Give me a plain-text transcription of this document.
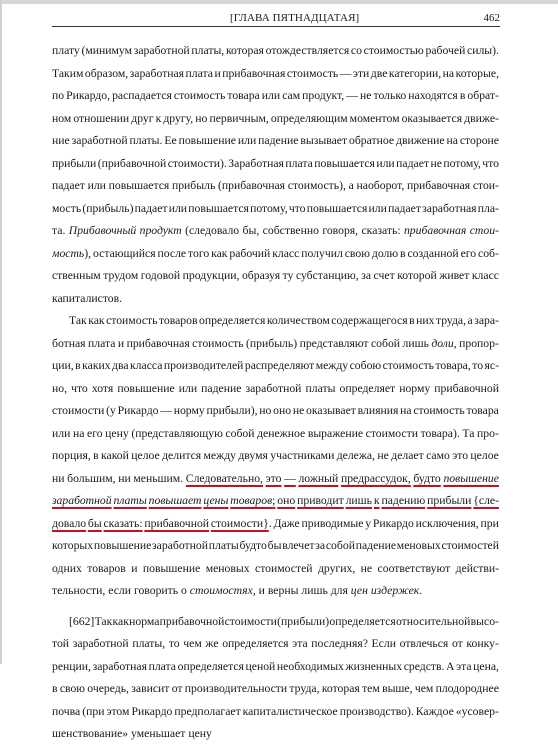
[ГЛАВА ПЯТНАДЦАТАЯ]	462
плату (минимум заработной платы, которая отождествляется со стоимостью рабочей силы).
Таким образом, заработная плата и прибавочная стоимость — эти две категории, на которые,
по Рикардо, распадается стоимость товара или сам продукт, — не только находятся в обрат-
ном отношении друг к другу, но первичным, определяющим моментом оказывается движе-
ние заработной платы. Ее повышение или падение вызывает обратное движение на стороне
прибыли (прибавочной стоимости). Заработная плата повышается или падает не потому, что
падает или повышается прибыль (прибавочная стоимость), а наоборот, прибавочная стои-
мость (прибыль) падает или повышается потому, что повышается или падает заработная пла-
та. Прибавочный продукт (следовало бы, собственно говоря, сказать: прибавочная стои-
мость), остающийся после того как рабочий класс получил свою долю в созданной его соб-
ственным трудом годовой продукции, образуя ту субстанцию, за счет которой живет класс
капиталистов.
Так как стоимость товаров определяется количеством содержащегося в них труда, а зара-
ботная плата и прибавочная стоимость (прибыль) представляют собой лишь доли, пропор-
ции, в каких два класса производителей распределяют между собою стоимость товара, то яс-
но, что хотя повышение или падение заработной платы определяет норму прибавочной
стоимости (у Рикардо — норму прибыли), но оно не оказывает влияния на стоимость товара
или на его цену (представляющую собой денежное выражение стоимости товара). Та про-
порция, в какой целое делится между двумя участниками дележа, не делает само это целое
ни большим, ни меньшим. Следовательно, это — ложный предрассудок, будто повышение
заработной платы повышает цены товаров; оно приводит лишь к падению прибыли {сле-
довало бы сказать: прибавочной стоимости}. Даже приводимые у Рикардо исключения, при
которых повышение заработной платы будто бы влечет за собой падение меновых стоимостей
одних товаров и повышение меновых стоимостей других, не соответствуют действи-
тельности,
если
говорить
о
стоимостях,
и
верны
лишь
для
цен
издержек.
[662] Так как норма прибавочной стоимости (прибыли) определяется относительной высо-
той заработной платы, то чем же определяется эта последняя? Если отвлечься от конку-
ренции, заработная плата определяется ценой необходимых жизненных средств. А эта цена,
в свою очередь, зависит от производительности труда, которая тем выше, чем плодороднее
почва (при этом Рикардо предполагает капиталистическое производство). Каждое «усовер-
шенствование»
уменьшает
цену
